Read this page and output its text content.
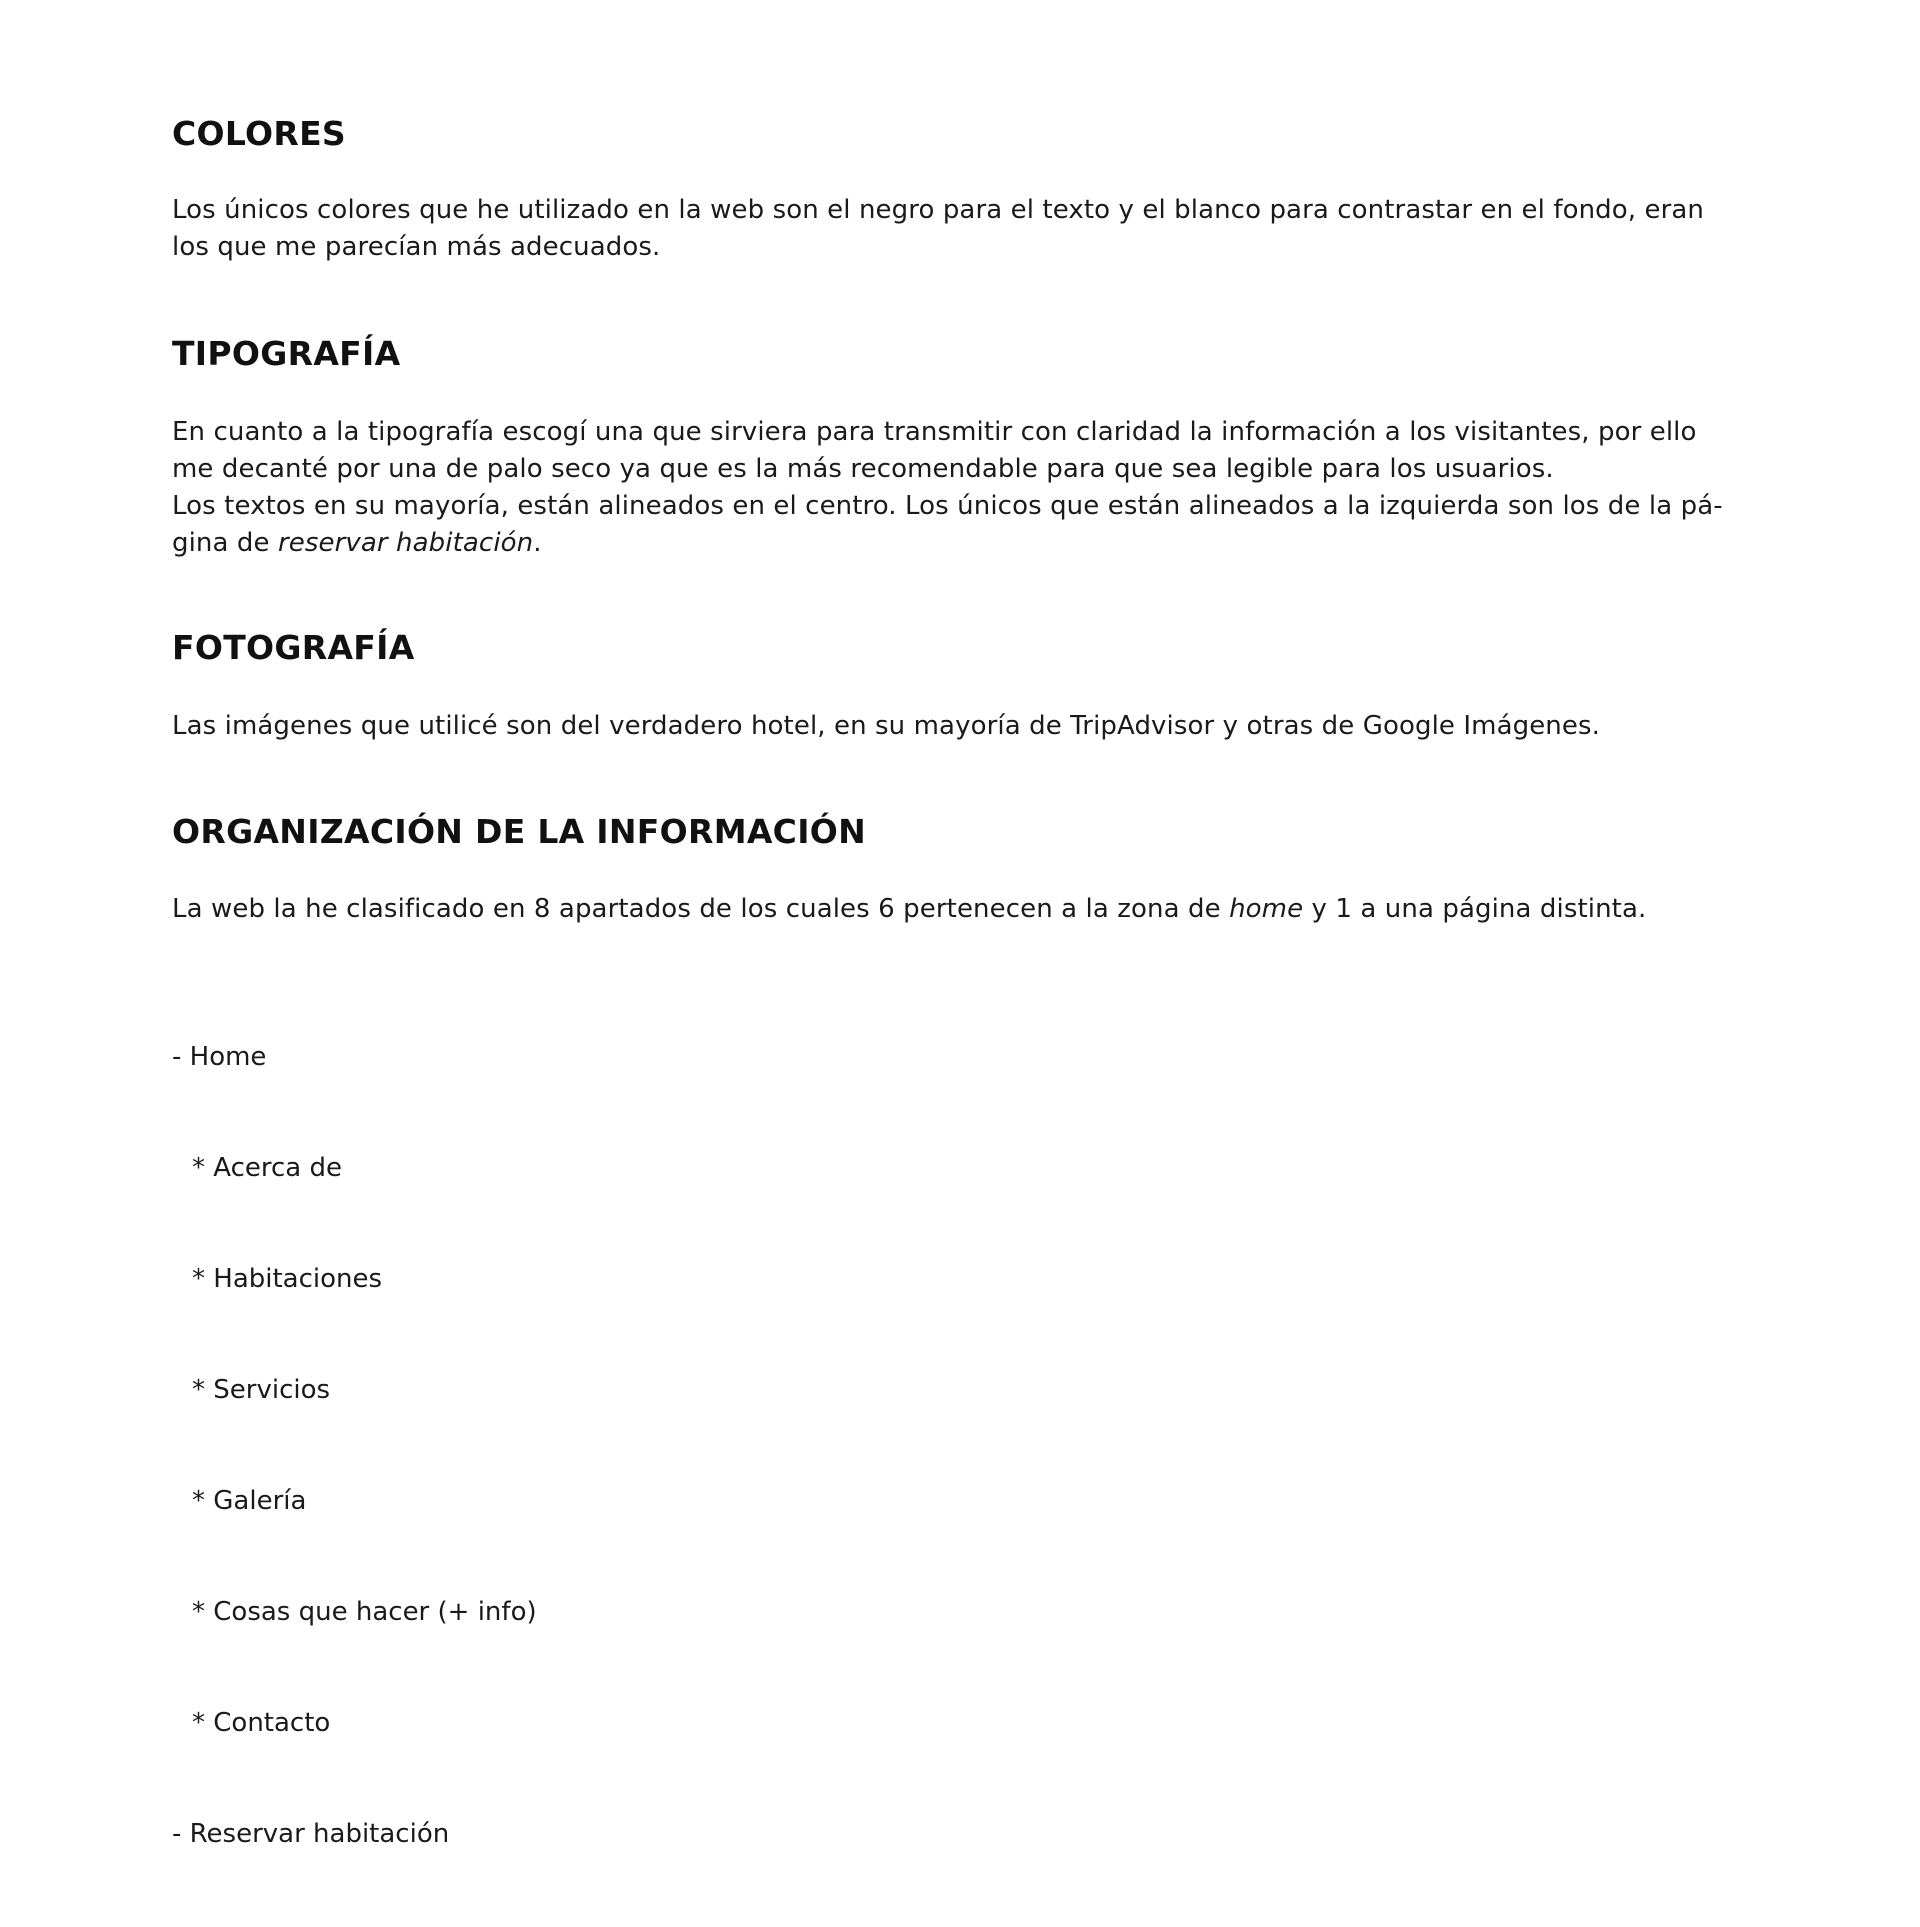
COLORES

Los únicos colores que he utilizado en la web son el negro para el texto y el blanco para contrastar en el fondo, eran
los que me parecían más adecuados.

TIPOGRAFÍA

En cuanto a la tipografía escogí una que sirviera para transmitir con claridad la información a los visitantes, por ello
me decanté por una de palo seco ya que es la más recomendable para que sea legible para los usuarios.
Los textos en su mayoría, están alineados en el centro. Los únicos que están alineados a la izquierda son los de la pá-
gina de reservar habitación.

FOTOGRAFÍA

Las imágenes que utilicé son del verdadero hotel, en su mayoría de TripAdvisor y otras de Google Imágenes.

ORGANIZACIÓN DE LA INFORMACIÓN

La web la he clasificado en 8 apartados de los cuales 6 pertenecen a la zona de home y 1 a una página distinta.

- Home

* Acerca de

* Habitaciones

* Servicios

* Galería

* Cosas que hacer (+ info)

* Contacto

- Reservar habitación
